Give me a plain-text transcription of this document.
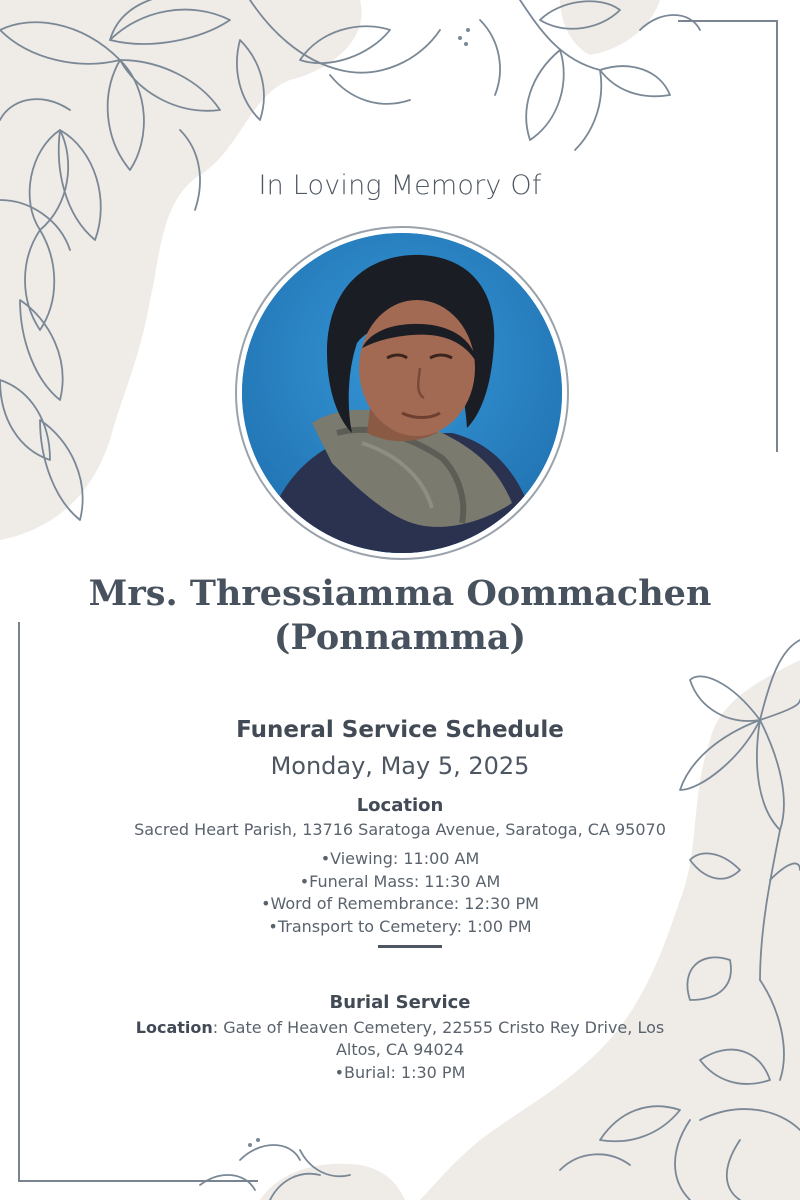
In Loving Memory Of
Mrs. Thressiamma Oommachen
(Ponnamma)
Funeral Service Schedule
Monday, May 5, 2025
Location
Sacred Heart Parish, 13716 Saratoga Avenue, Saratoga, CA 95070
•Viewing: 11:00 AM
•Funeral Mass: 11:30 AM
•Word of Remembrance: 12:30 PM
•Transport to Cemetery: 1:00 PM
Burial Service
Location: Gate of Heaven Cemetery, 22555 Cristo Rey Drive, Los Altos, CA 94024
•Burial: 1:30 PM
